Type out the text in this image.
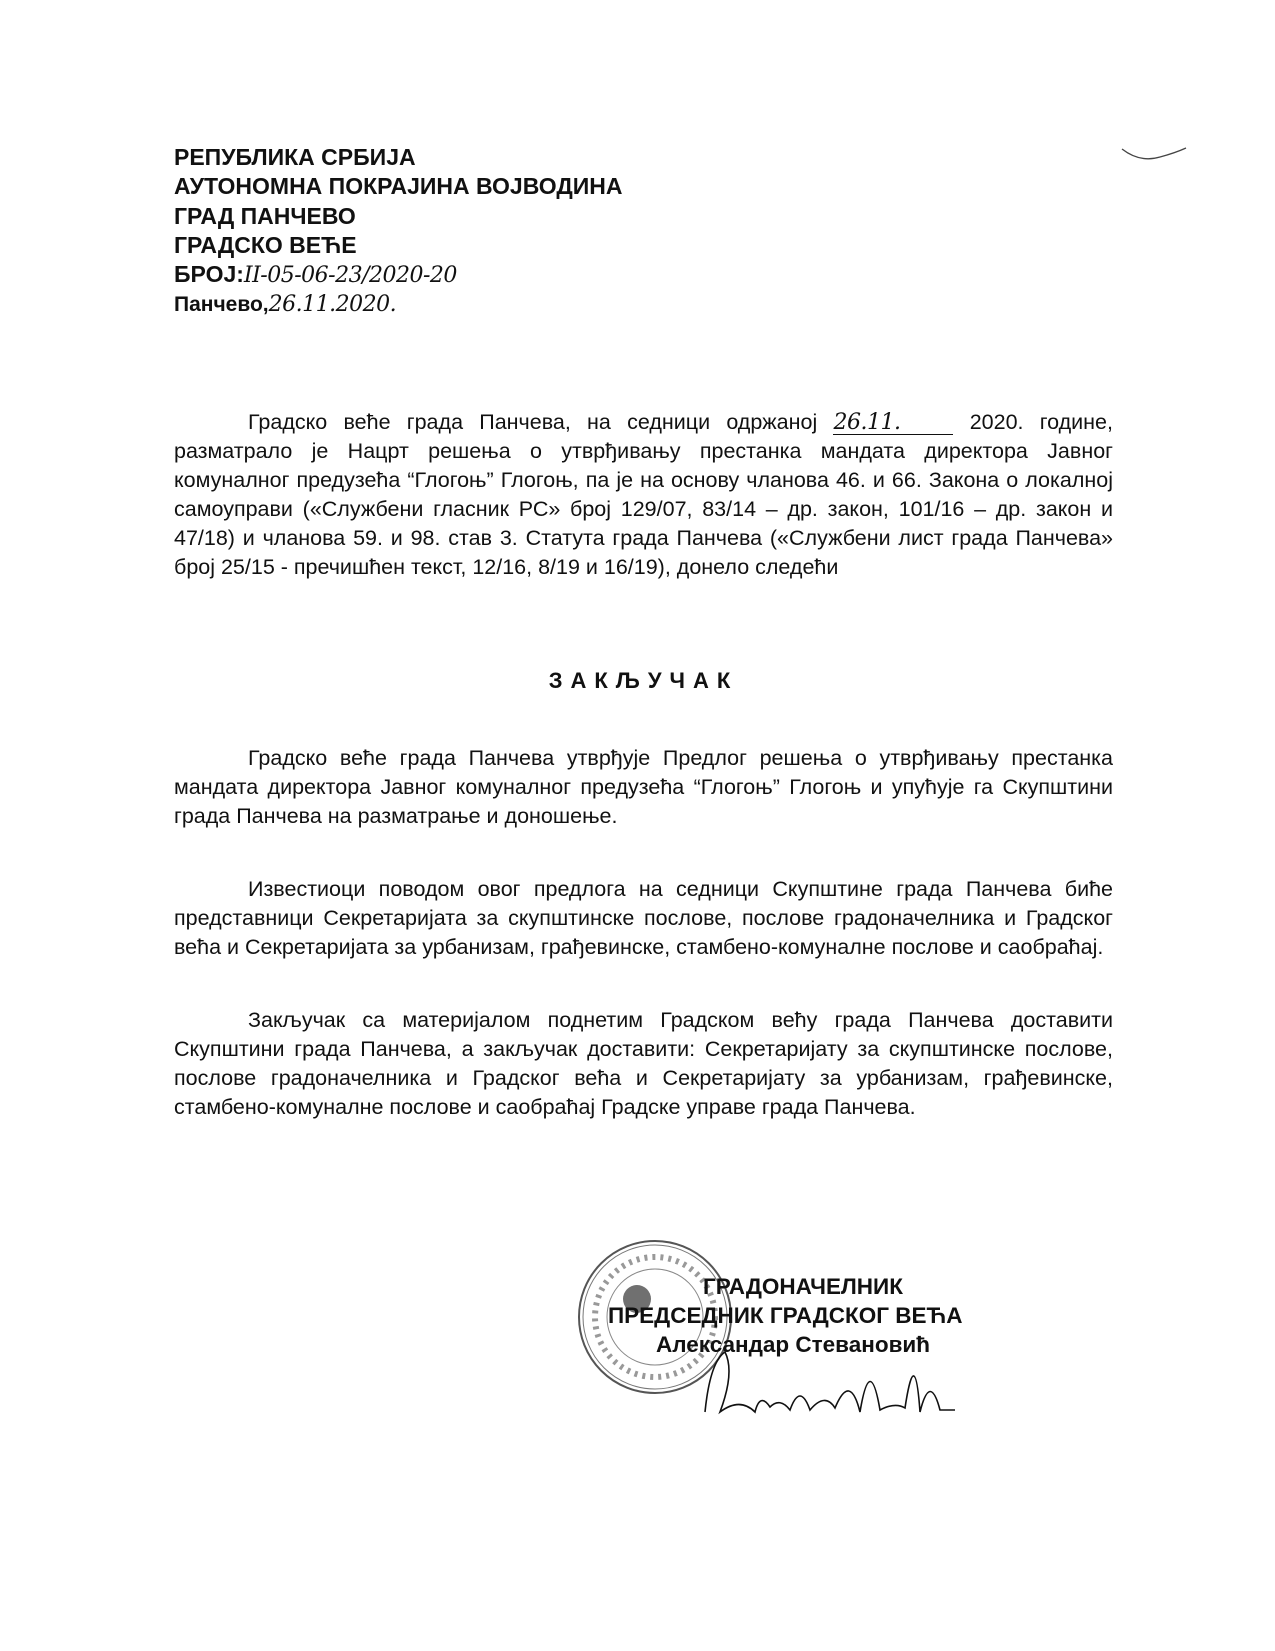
РЕПУБЛИКА СРБИЈА
АУТОНОМНА ПОКРАЈИНА ВОЈВОДИНА
ГРАД ПАНЧЕВО
ГРАДСКО ВЕЋЕ
БРОЈ:II-05-06-23/2020-20
Панчево,26.11.2020.

Градско веће града Панчева, на седници одржаној 26.11.	2020. године, разматрало је Нацрт решења о утврђивању престанка мандата директора Јавног комуналног предузећа “Глогоњ” Глогоњ, па је на основу чланова 46. и 66. Закона о локалној самоуправи («Службени гласник РС» број 129/07, 83/14 – др. закон, 101/16 – др. закон и 47/18) и чланова 59. и 98. став 3. Статута града Панчева («Службени лист града Панчева» број 25/15 - пречишћен текст, 12/16, 8/19 и 16/19), донело следећи

ЗАКЉУЧАК

Градско веће града Панчева утврђује Предлог решења о утврђивању престанка мандата директора Јавног комуналног предузећа “Глогоњ” Глогоњ и упућује га Скупштини града Панчева на разматрање и доношење.

Известиоци поводом овог предлога на седници Скупштине града Панчева биће представници Секретаријата за скупштинске послове, послове градоначелника и Градског већа и Секретаријата за урбанизам, грађевинске, стамбено-комуналне послове и саобраћај.

Закључак са материјалом поднетим Градском већу града Панчева доставити Скупштини града Панчева, а закључак доставити: Секретаријату за скупштинске послове, послове градоначелника и Градског већа и Секретаријату за урбанизам, грађевинске, стамбено-комуналне послове и саобраћај Градске управе града Панчева.

ГРАДОНАЧЕЛНИК
ПРЕДСЕДНИК ГРАДСКОГ ВЕЋА
Александар Стевановић
